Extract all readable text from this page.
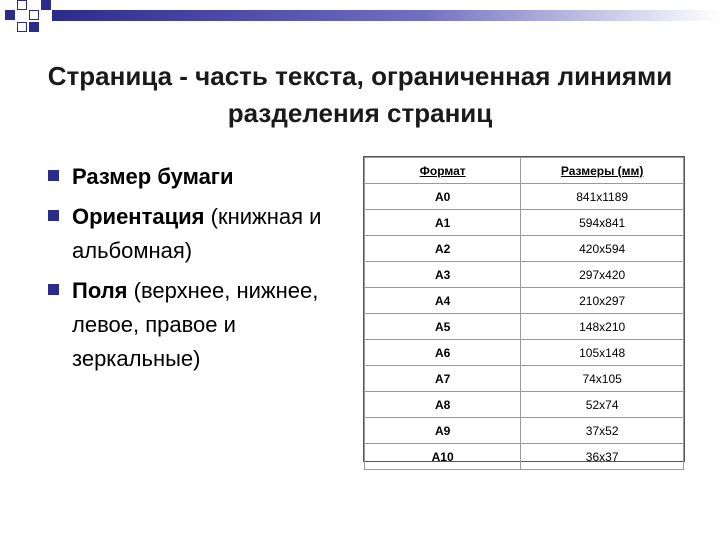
Страница - часть текста, ограниченная линиями разделения страниц
Размер бумаги
Ориентация (книжная и альбомная)
Поля (верхнее, нижнее, левое, правое и зеркальные)
Формат	Размеры (мм)
A0	841x1189
A1	594x841
A2	420x594
A3	297x420
A4	210x297
A5	148x210
A6	105x148
A7	74x105
A8	52x74
A9	37x52
A10	36x37
